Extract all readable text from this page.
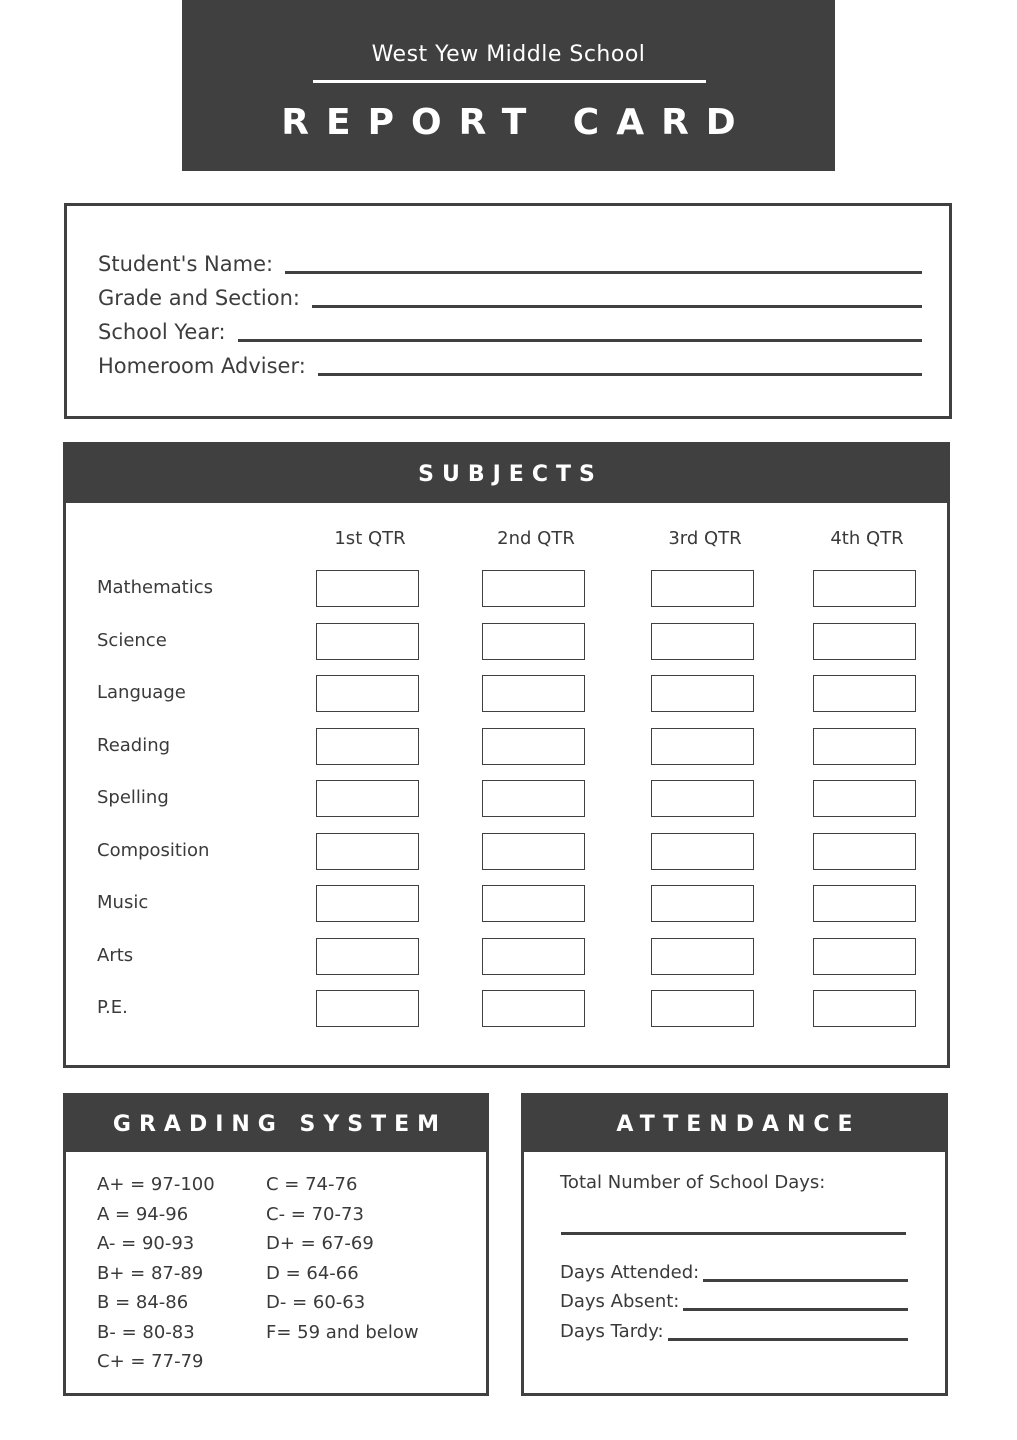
West Yew Middle School
REPORT CARD
Student's Name:
Grade and Section:
School Year:
Homeroom Adviser:
SUBJECTS
1st QTR	2nd QTR	3rd QTR	4th QTR
Mathematics
Science
Language
Reading
Spelling
Composition
Music
Arts
P.E.
GRADING SYSTEM
A+ = 97-100
A = 94-96
A- = 90-93
B+ = 87-89
B = 84-86
B- = 80-83
C+ = 77-79
C = 74-76
C- = 70-73
D+ = 67-69
D = 64-66
D- = 60-63
F= 59 and below
ATTENDANCE
Total Number of School Days:
Days Attended:
Days Absent:
Days Tardy:
